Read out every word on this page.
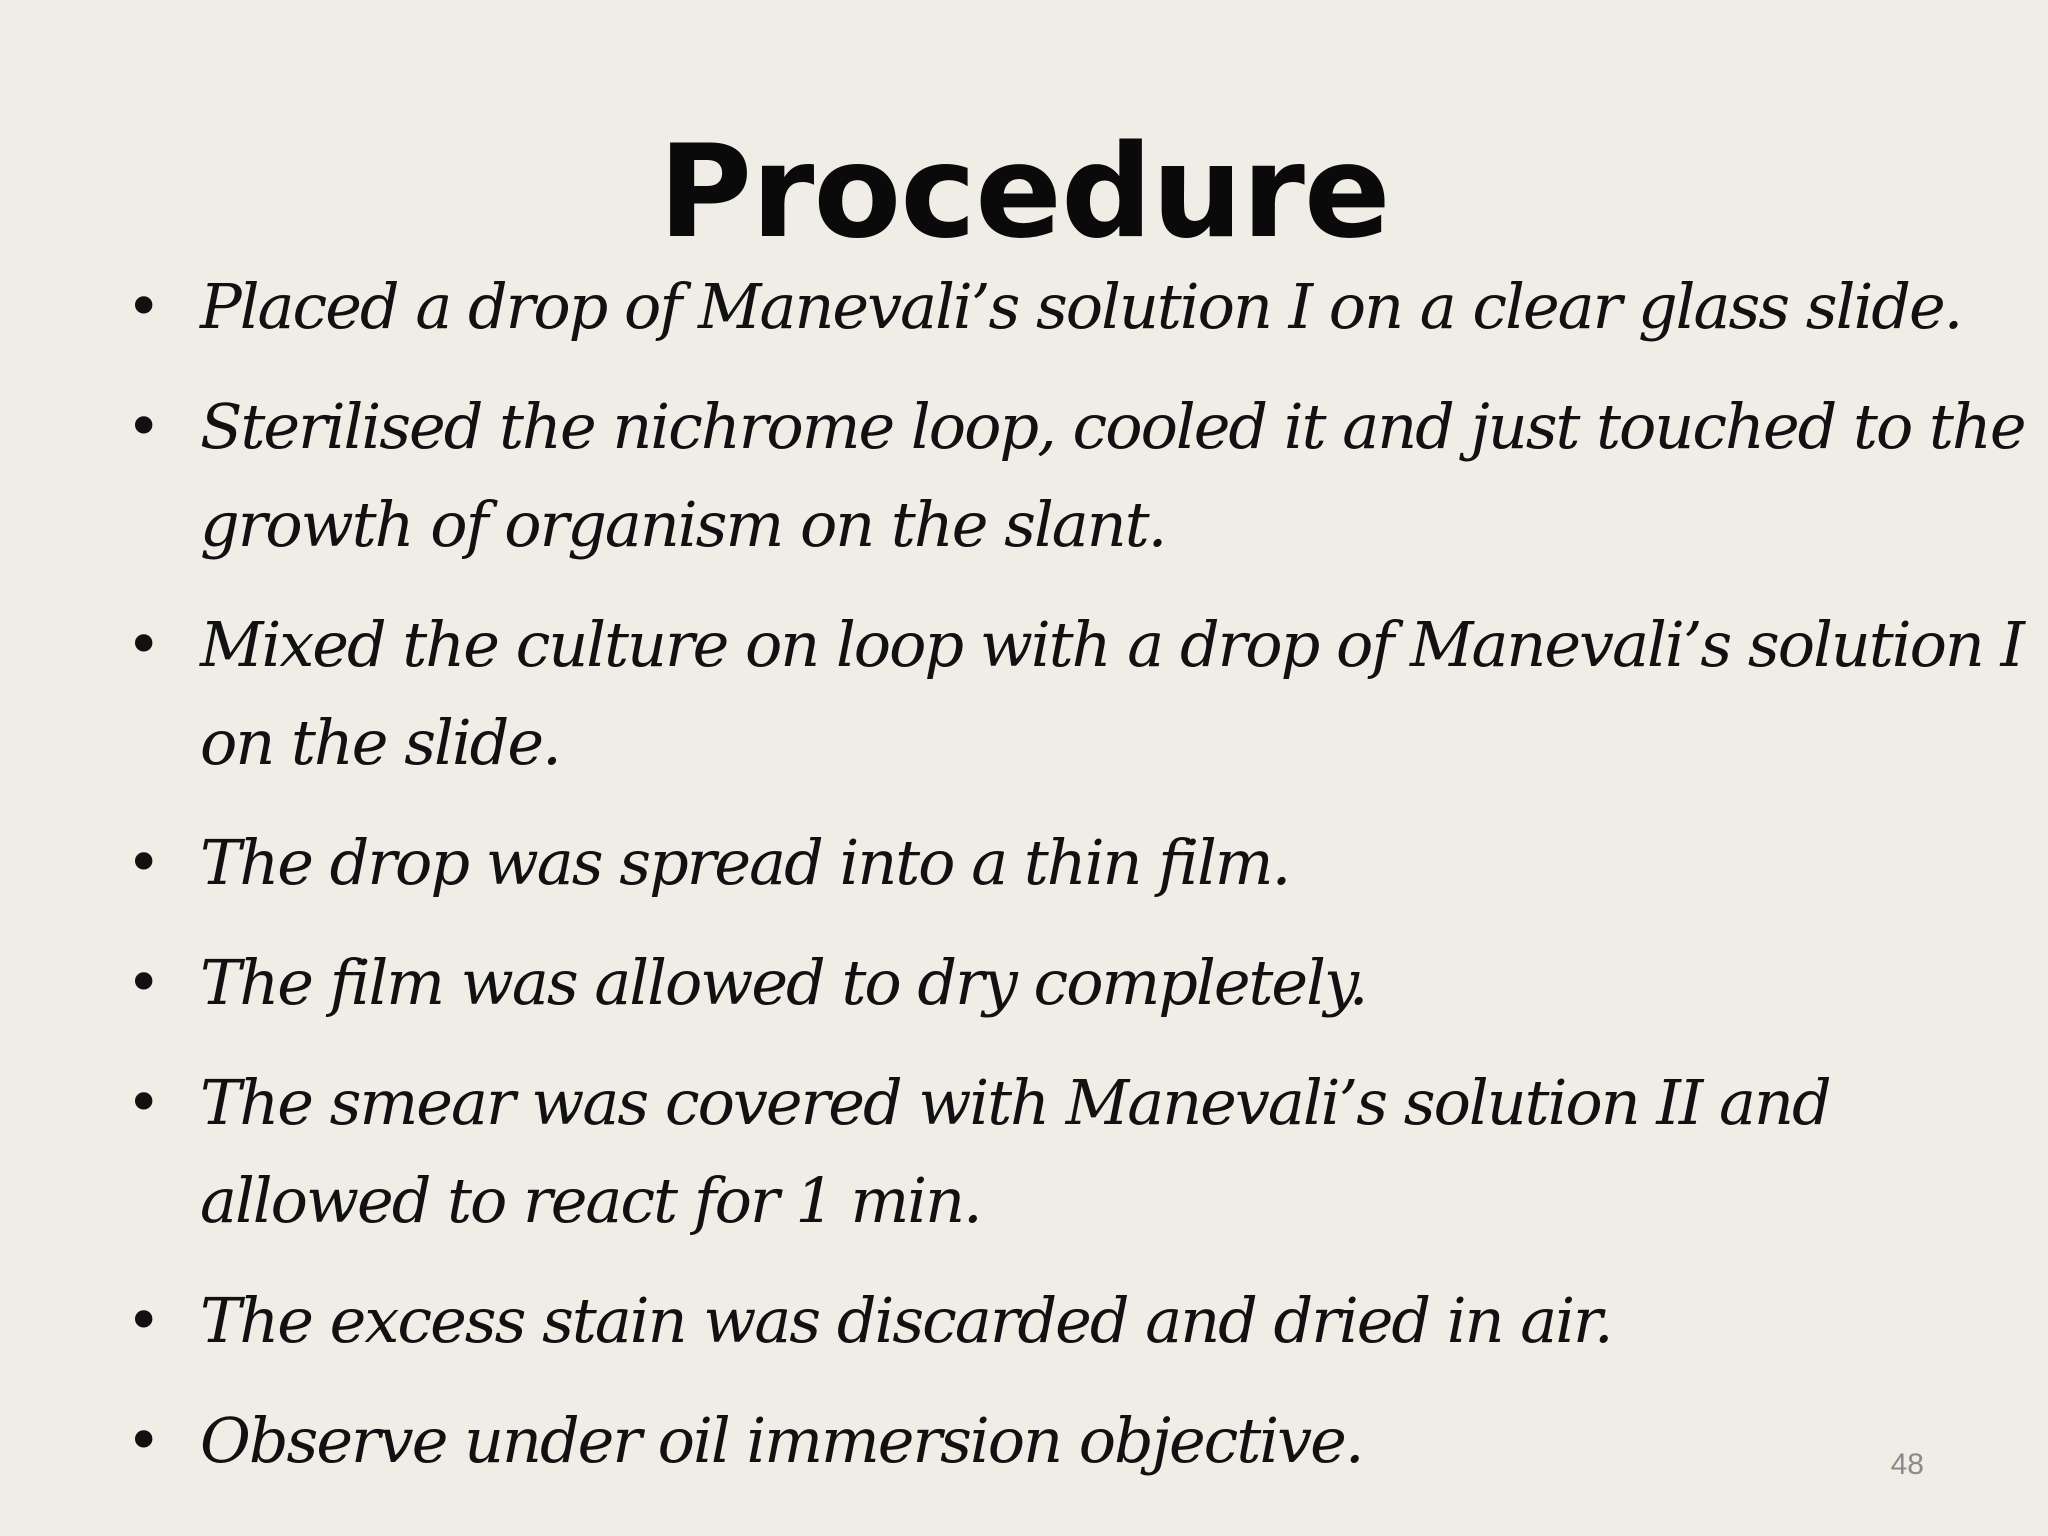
Procedure
• Placed a drop of Manevali’s solution I on a clear glass slide.
• Sterilised the nichrome loop, cooled it and just touched to the
growth of organism on the slant.
• Mixed the culture on loop with a drop of Manevali’s solution I
on the slide.
• The drop was spread into a thin film.
• The film was allowed to dry completely.
• The smear was covered with Manevali’s solution II and
allowed to react for 1 min.
• The excess stain was discarded and dried in air.
• Observe under oil immersion objective.	48
